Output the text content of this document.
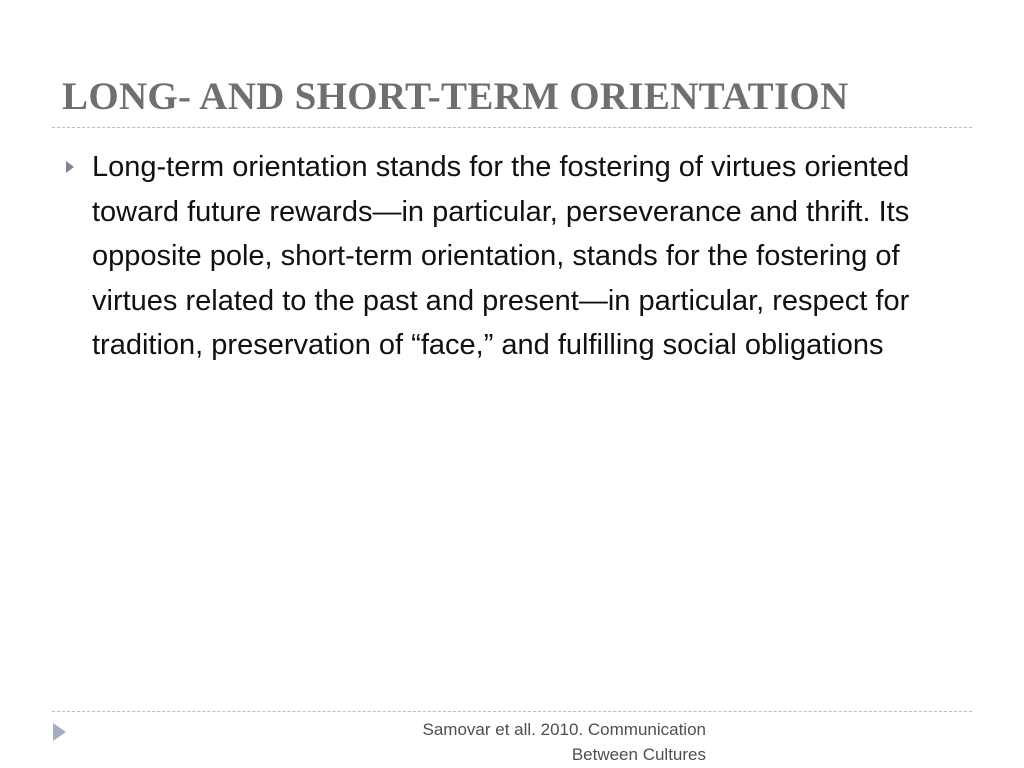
LONG- AND SHORT-TERM ORIENTATION

Long-term orientation stands for the fostering of virtues oriented toward future rewards—in particular, perseverance and thrift. Its opposite pole, short-term orientation, stands for the fostering of virtues related to the past and present—in particular, respect for tradition, preservation of “face,” and fulfilling social obligations

Samovar et all. 2010. Communication Between Cultures
